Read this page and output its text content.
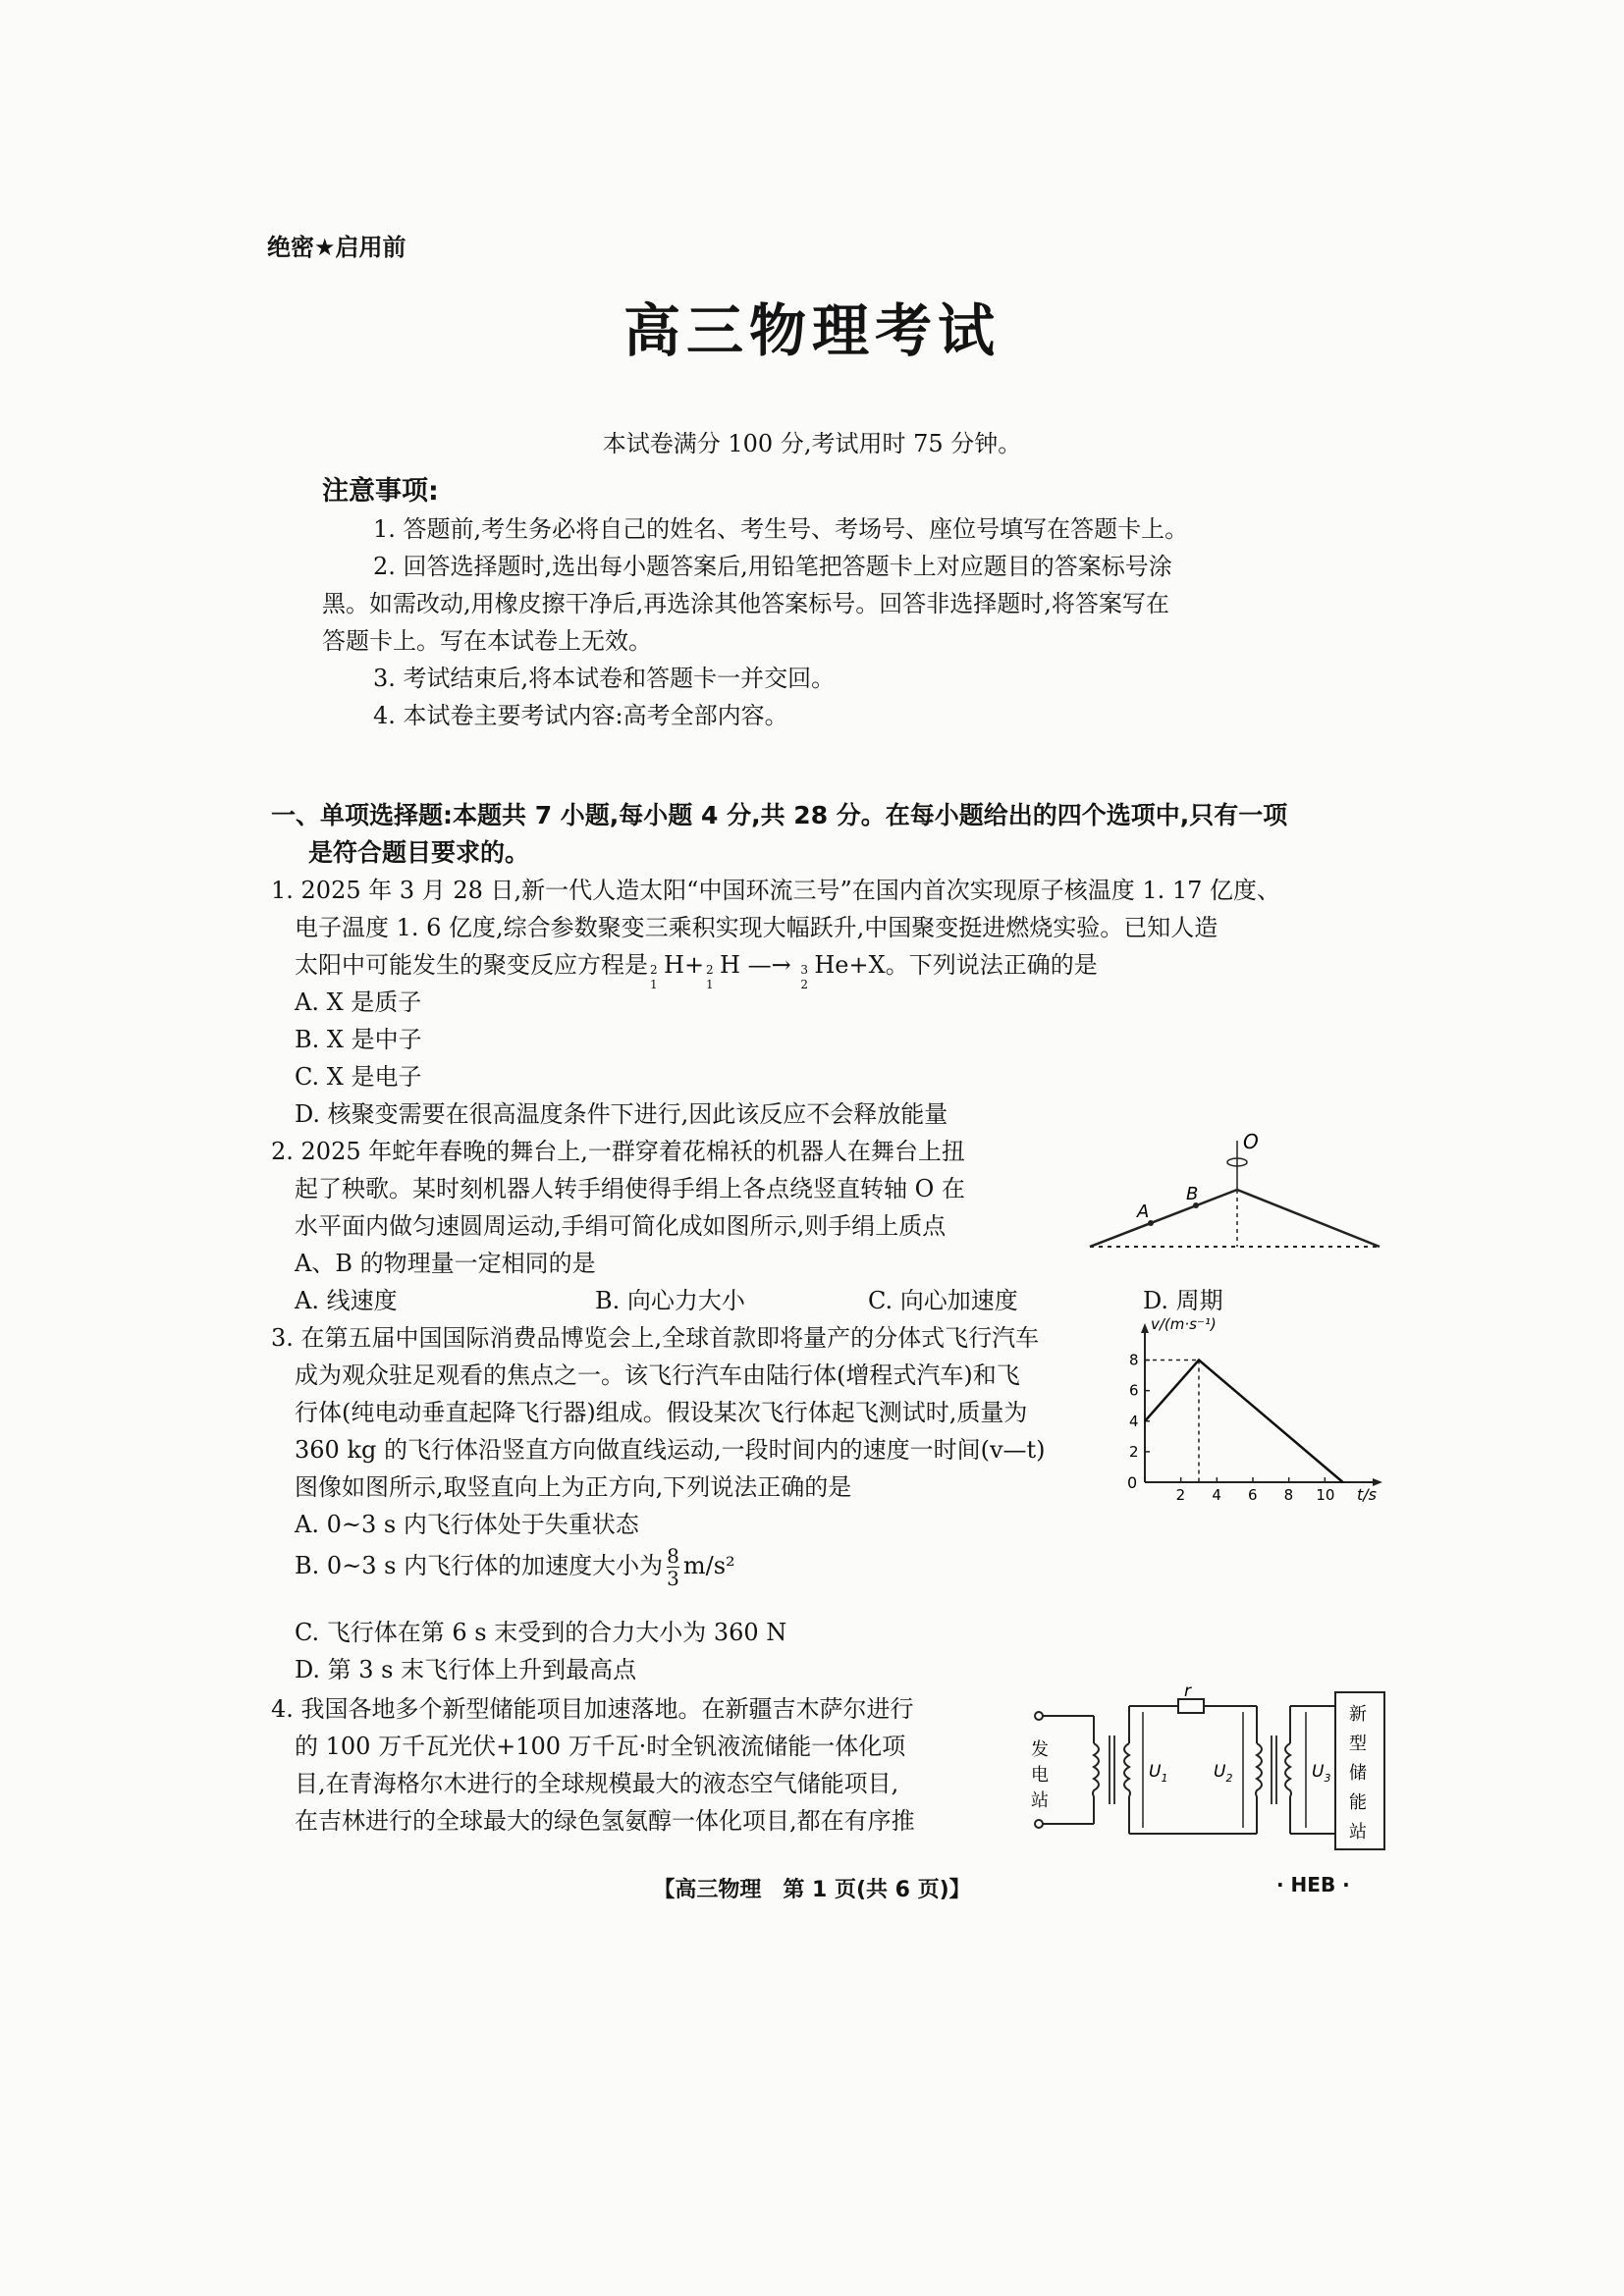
绝密★启用前
高三物理考试
本试卷满分 100 分,考试用时 75 分钟。
注意事项:
1. 答题前,考生务必将自己的姓名、考生号、考场号、座位号填写在答题卡上。
2. 回答选择题时,选出每小题答案后,用铅笔把答题卡上对应题目的答案标号涂
黑。如需改动,用橡皮擦干净后,再选涂其他答案标号。回答非选择题时,将答案写在
答题卡上。写在本试卷上无效。
3. 考试结束后,将本试卷和答题卡一并交回。
4. 本试卷主要考试内容:高考全部内容。
一、单项选择题:本题共 7 小题,每小题 4 分,共 28 分。在每小题给出的四个选项中,只有一项
是符合题目要求的。
1. 2025 年 3 月 28 日,新一代人造太阳“中国环流三号”在国内首次实现原子核温度 1. 17 亿度、
电子温度 1. 6 亿度,综合参数聚变三乘积实现大幅跃升,中国聚变挺进燃烧实验。已知人造
太阳中可能发生的聚变反应方程是 2
1
H+ 2
1
H —→ 3
2
He+X。下列说法正确的是
A. X 是质子
B. X 是中子
C. X 是电子
D. 核聚变需要在很高温度条件下进行,因此该反应不会释放能量
2. 2025 年蛇年春晚的舞台上,一群穿着花棉袄的机器人在舞台上扭
起了秧歌。某时刻机器人转手绢使得手绢上各点绕竖直转轴 O 在
水平面内做匀速圆周运动,手绢可简化成如图所示,则手绢上质点
A、B 的物理量一定相同的是
A. 线速度	B. 向心力大小	C. 向心加速度	D. 周期
O
A
B
3. 在第五届中国国际消费品博览会上,全球首款即将量产的分体式飞行汽车
成为观众驻足观看的焦点之一。该飞行汽车由陆行体(增程式汽车)和飞
行体(纯电动垂直起降飞行器)组成。假设某次飞行体起飞测试时,质量为
360 kg 的飞行体沿竖直方向做直线运动,一段时间内的速度一时间(v—t)
图像如图所示,取竖直向上为正方向,下列说法正确的是
A. 0~3 s 内飞行体处于失重状态
B. 0~3 s 内飞行体的加速度大小为 $\frac{8}{3} m/s^2$
C. 飞行体在第 6 s 末受到的合力大小为 360 N
D. 第 3 s 末飞行体上升到最高点
2
4
6
8
2 4 6 8 10
v/(m·s⁻¹)
t/s
0
4. 我国各地多个新型储能项目加速落地。在新疆吉木萨尔进行
的 100 万千瓦光伏+100 万千瓦·时全钒液流储能一体化项
目,在青海格尔木进行的全球规模最大的液态空气储能项目,
在吉林进行的全球最大的绿色氢氨醇一体化项目,都在有序推
发
电
站
r
$U_1$	$U_2$	$U_3$
新
型
储
能
站
【高三物理　第 1 页(共 6 页)】	· HEB ·
